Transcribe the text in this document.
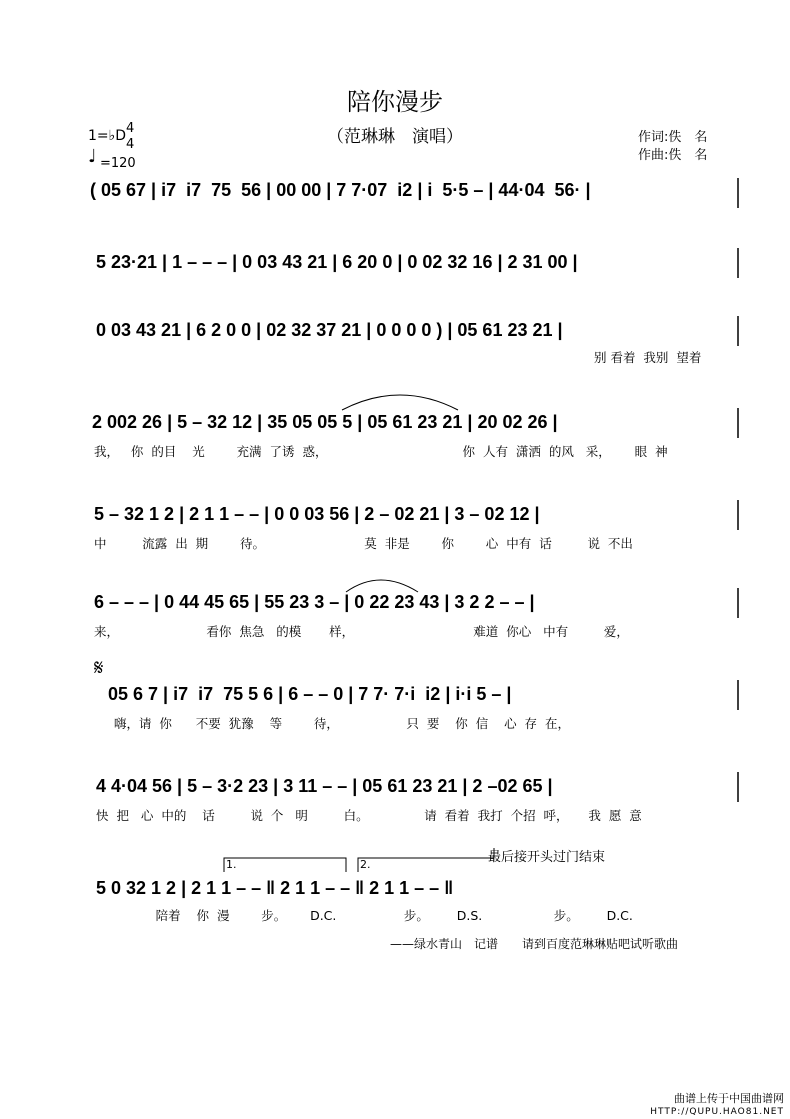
陪你漫步
（范琳琳　演唱）	作词:佚　名
作曲:佚　名
1=♭D 4
4
♩ =120
( 05 67 | i7  i7  75  56 | 00 00 | 7 7·07  i2 | i  5·5 – | 44·04  56· |
5 23·21 | 1 – – – | 0 03 43 21 | 6 20 0 | 0 02 32 16 | 2 31 00 |
0 03 43 21 | 6 2 0 0 | 02 32 37 21 | 0 0 0 0 ) | 05 61 23 21 |
别 看着  我别  望着
2 002 26 | 5 – 32 12 | 35 05 05 5 | 05 61 23 21 | 20 02 26 |
我，   你  的目    光        充满  了诱  惑，                                  你  人有  潇洒  的风   采，      眼  神
5 – 32 1 2 | 2 1 1 – – | 0 0 03 56 | 2 – 02 21 | 3 – 02 12 |
中         流露  出  期        待。                         莫  非是        你        心  中有  话         说  不出
6 – – – | 0 44 45 65 | 55 23 3 – | 0 22 23 43 | 3 2 2 – – |
来，                      看你  焦急   的模       样，                              难道  你心   中有         爱，
𝄋
05 6 7 | i7  i7  75 5 6 | 6 – – 0 | 7 7· 7·i  i2 | i·i 5 – |
嗨，请  你      不要  犹豫    等        待，                 只  要    你  信    心  存  在，
4 4·04 56 | 5 – 3·2 23 | 3 11 – – | 05 61 23 21 | 2 –02 65 |
快  把   心  中的    话         说  个   明         白。              请  看着  我打  个招  呼，     我  愿  意
最后接开头过门结束
1.	2.
5 0 32 1 2 | 2 1 1 – – ‖ 2 1 1 – – ‖ 2 1 1 – – ‖
陪着    你  漫        步。      D.C.                 步。       D.S.                  步。       D.C.
——绿水青山　记谱　　请到百度范琳琳贴吧试听歌曲
曲谱上传于中国曲谱网
HTTP://QUPU.HAO81.NET
